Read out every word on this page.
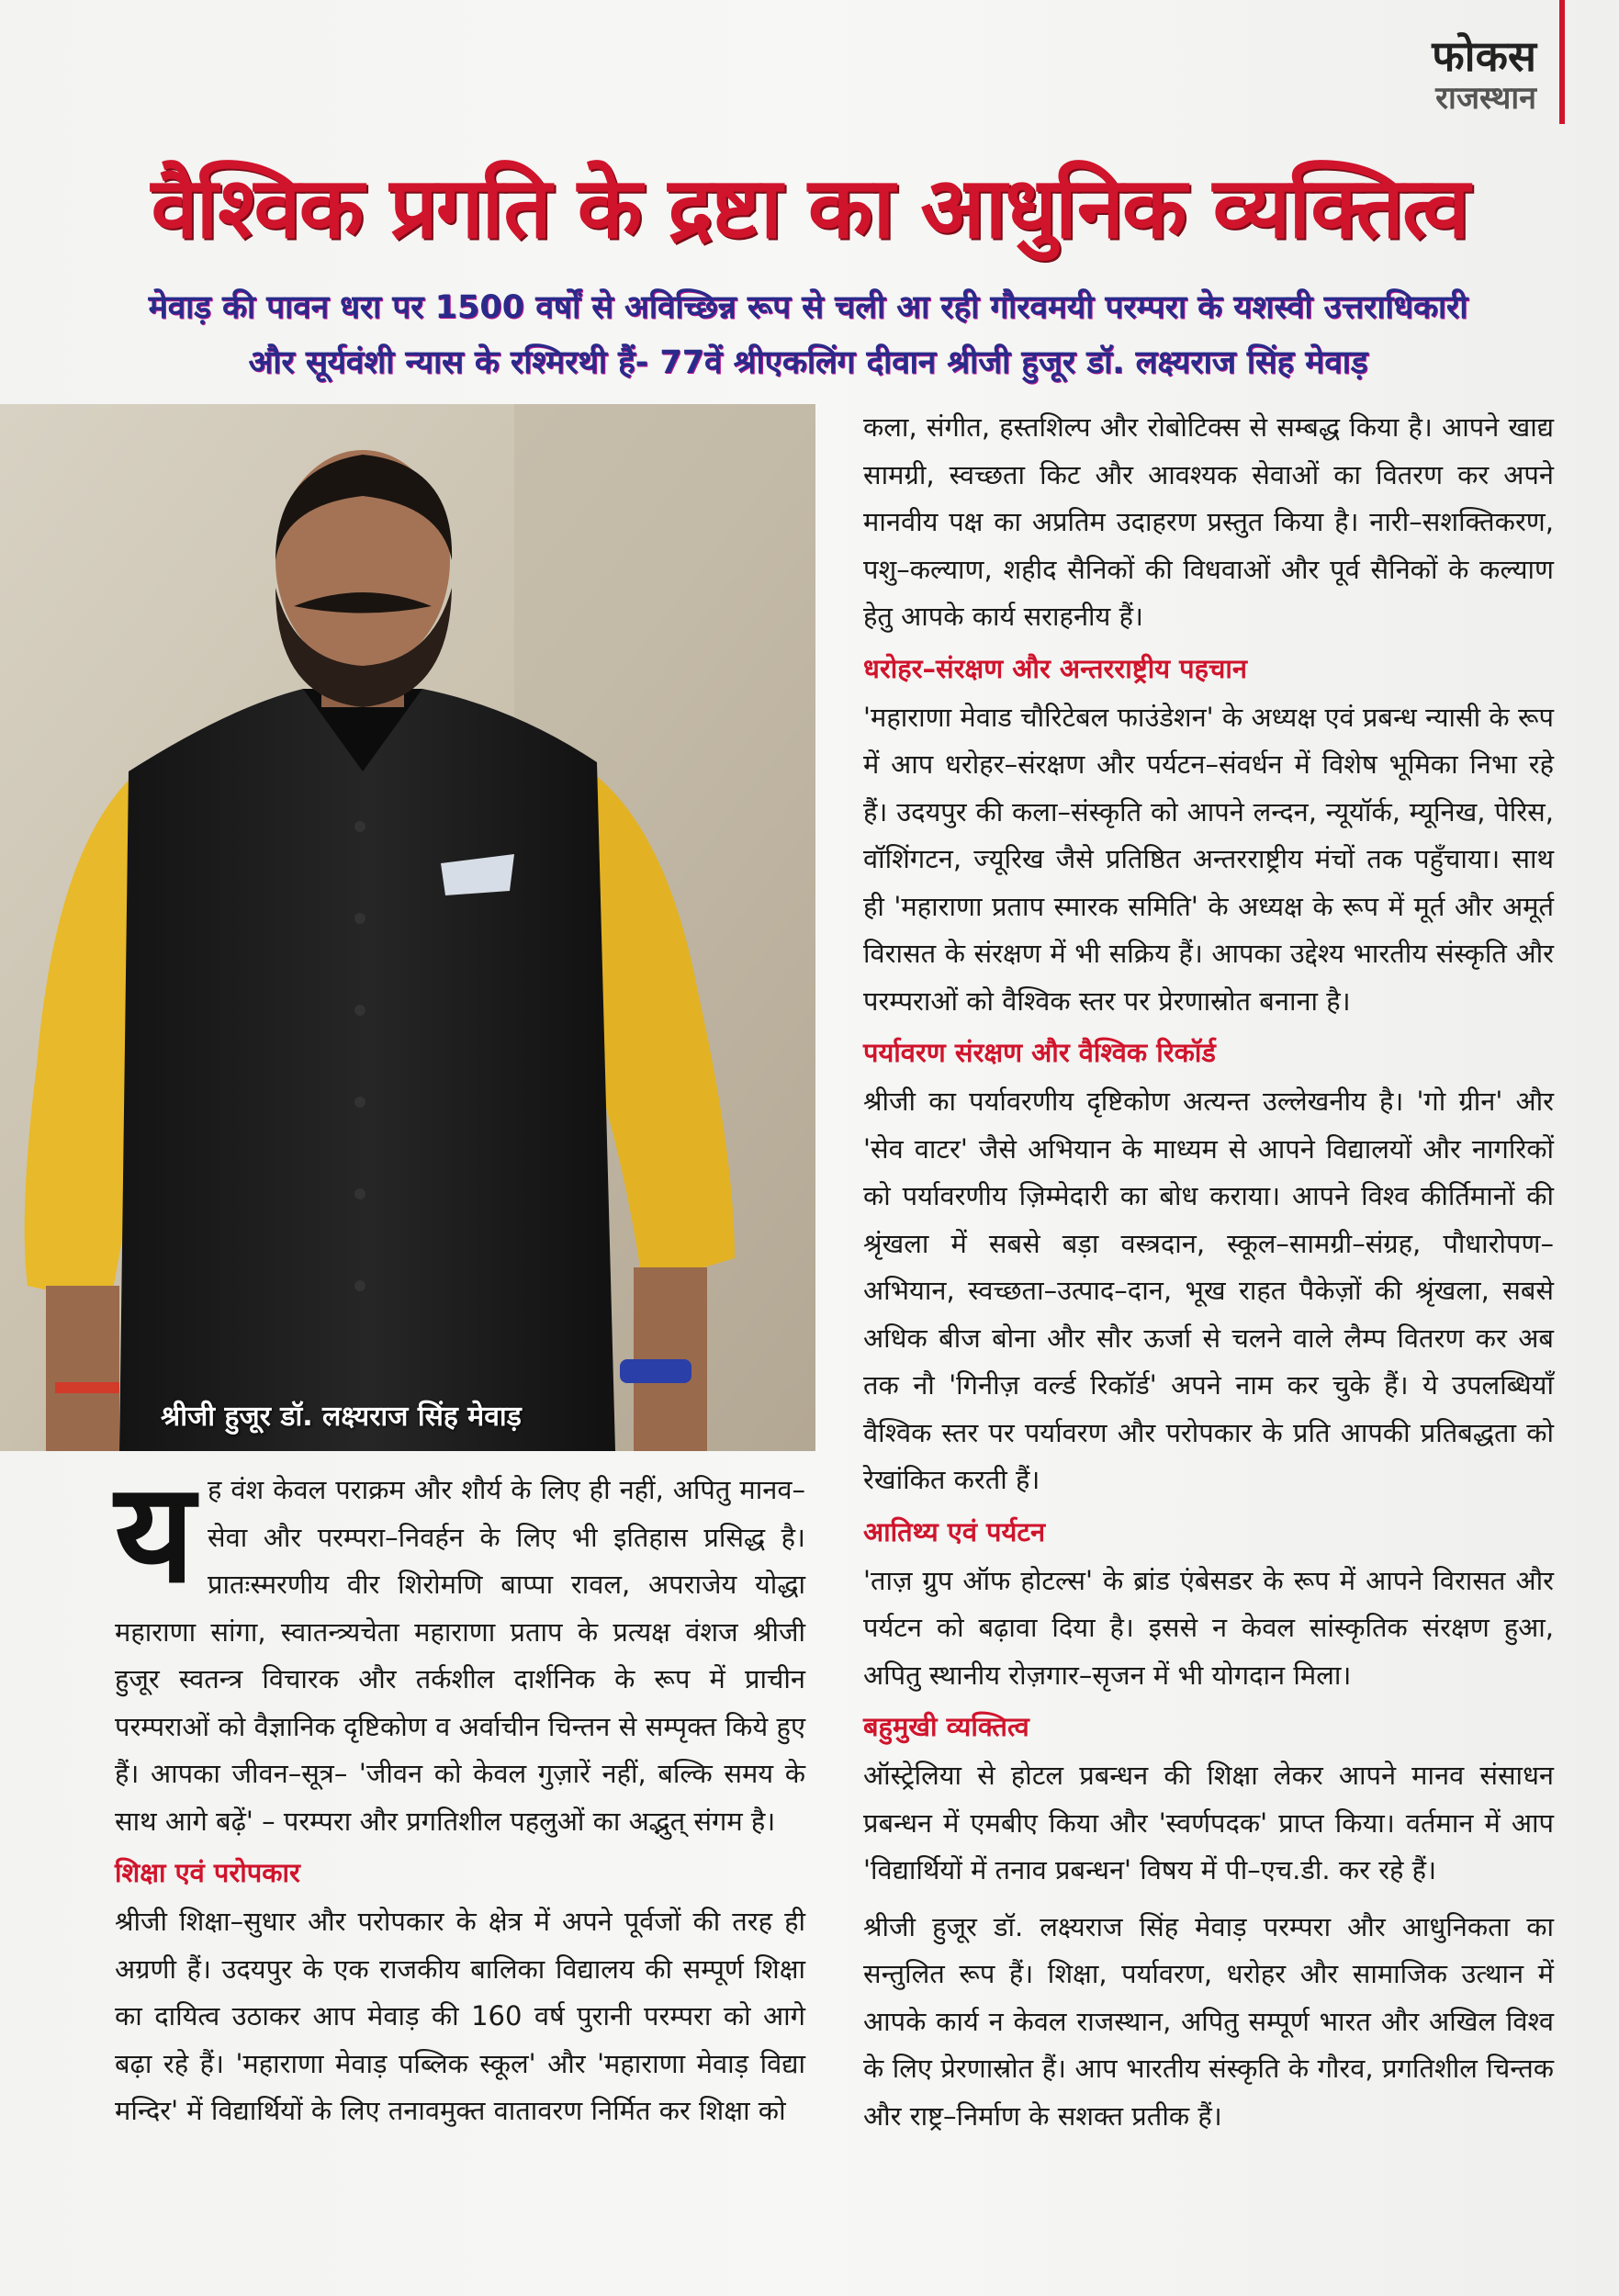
फोकस
राजस्थान
वैश्विक प्रगति के द्रष्टा का आधुनिक व्यक्तित्व
मेवाड़ की पावन धरा पर 1500 वर्षों से अविच्छिन्न रूप से चली आ रही गौरवमयी परम्परा के यशस्वी उत्तराधिकारी
और सूर्यवंशी न्यास के रश्मिरथी हैं- 77वें श्रीएकलिंग दीवान श्रीजी हुजूर डॉ. लक्ष्यराज सिंह मेवाड़
श्रीजी हुजूर डॉ. लक्ष्यराज सिंह मेवाड़

यह वंश केवल पराक्रम और शौर्य के लिए ही नहीं, अपितु मानव–सेवा और परम्परा–निवर्हन के लिए भी इतिहास प्रसिद्ध है। प्रातःस्मरणीय वीर शिरोमणि बाप्पा रावल, अपराजेय योद्धा महाराणा सांगा, स्वातन्त्र्यचेता महाराणा प्रताप के प्रत्यक्ष वंशज श्रीजी हुजूर स्वतन्त्र विचारक और तर्कशील दार्शनिक के रूप में प्राचीन परम्पराओं को वैज्ञानिक दृष्टिकोण व अर्वाचीन चिन्तन से सम्पृक्त किये हुए हैं। आपका जीवन–सूत्र– 'जीवन को केवल गुज़ारें नहीं, बल्कि समय के साथ आगे बढ़ें' – परम्परा और प्रगतिशील पहलुओं का अद्भुत् संगम है।

शिक्षा एवं परोपकार

श्रीजी शिक्षा–सुधार और परोपकार के क्षेत्र में अपने पूर्वजों की तरह ही अग्रणी हैं। उदयपुर के एक राजकीय बालिका विद्यालय की सम्पूर्ण शिक्षा का दायित्व उठाकर आप मेवाड़ की 160 वर्ष पुरानी परम्परा को आगे बढ़ा रहे हैं। 'महाराणा मेवाड़ पब्लिक स्कूल' और 'महाराणा मेवाड़ विद्या मन्दिर' में विद्यार्थियों के लिए तनावमुक्त वातावरण निर्मित कर शिक्षा को

कला, संगीत, हस्तशिल्प और रोबोटिक्स से सम्बद्ध किया है। आपने खाद्य सामग्री, स्वच्छता किट और आवश्यक सेवाओं का वितरण कर अपने मानवीय पक्ष का अप्रतिम उदाहरण प्रस्तुत किया है। नारी–सशक्तिकरण, पशु–कल्याण, शहीद सैनिकों की विधवाओं और पूर्व सैनिकों के कल्याण हेतु आपके कार्य सराहनीय हैं।

धरोहर–संरक्षण और अन्तरराष्ट्रीय पहचान

'महाराणा मेवाड चौरिटेबल फाउंडेशन' के अध्यक्ष एवं प्रबन्ध न्यासी के रूप में आप धरोहर–संरक्षण और पर्यटन–संवर्धन में विशेष भूमिका निभा रहे हैं। उदयपुर की कला–संस्कृति को आपने लन्दन, न्यूयॉर्क, म्यूनिख, पेरिस, वॉशिंगटन, ज्यूरिख जैसे प्रतिष्ठित अन्तरराष्ट्रीय मंचों तक पहुँचाया। साथ ही 'महाराणा प्रताप स्मारक समिति' के अध्यक्ष के रूप में मूर्त और अमूर्त विरासत के संरक्षण में भी सक्रिय हैं। आपका उद्देश्य भारतीय संस्कृति और परम्पराओं को वैश्विक स्तर पर प्रेरणास्रोत बनाना है।

पर्यावरण संरक्षण और वैश्विक रिकॉर्ड

श्रीजी का पर्यावरणीय दृष्टिकोण अत्यन्त उल्लेखनीय है। 'गो ग्रीन' और 'सेव वाटर' जैसे अभियान के माध्यम से आपने विद्यालयों और नागरिकों को पर्यावरणीय ज़िम्मेदारी का बोध कराया। आपने विश्व कीर्तिमानों की श्रृंखला में सबसे बड़ा वस्त्रदान, स्कूल–सामग्री–संग्रह, पौधारोपण–अभियान, स्वच्छता–उत्पाद–दान, भूख राहत पैकेज़ों की श्रृंखला, सबसे अधिक बीज बोना और सौर ऊर्जा से चलने वाले लैम्प वितरण कर अब तक नौ 'गिनीज़ वर्ल्ड रिकॉर्ड' अपने नाम कर चुके हैं। ये उपलब्धियाँ वैश्विक स्तर पर पर्यावरण और परोपकार के प्रति आपकी प्रतिबद्धता को रेखांकित करती हैं।

आतिथ्य एवं पर्यटन

'ताज़ ग्रुप ऑफ होटल्स' के ब्रांड एंबेसडर के रूप में आपने विरासत और पर्यटन को बढ़ावा दिया है। इससे न केवल सांस्कृतिक संरक्षण हुआ, अपितु स्थानीय रोज़गार–सृजन में भी योगदान मिला।

बहुमुखी व्यक्तित्व

ऑस्ट्रेलिया से होटल प्रबन्धन की शिक्षा लेकर आपने मानव संसाधन प्रबन्धन में एमबीए किया और 'स्वर्णपदक' प्राप्त किया। वर्तमान में आप 'विद्यार्थियों में तनाव प्रबन्धन' विषय में पी–एच.डी. कर रहे हैं।

श्रीजी हुजूर डॉ. लक्ष्यराज सिंह मेवाड़ परम्परा और आधुनिकता का सन्तुलित रूप हैं। शिक्षा, पर्यावरण, धरोहर और सामाजिक उत्थान में आपके कार्य न केवल राजस्थान, अपितु सम्पूर्ण भारत और अखिल विश्व के लिए प्रेरणास्रोत हैं। आप भारतीय संस्कृति के गौरव, प्रगतिशील चिन्तक और राष्ट्र–निर्माण के सशक्त प्रतीक हैं।
